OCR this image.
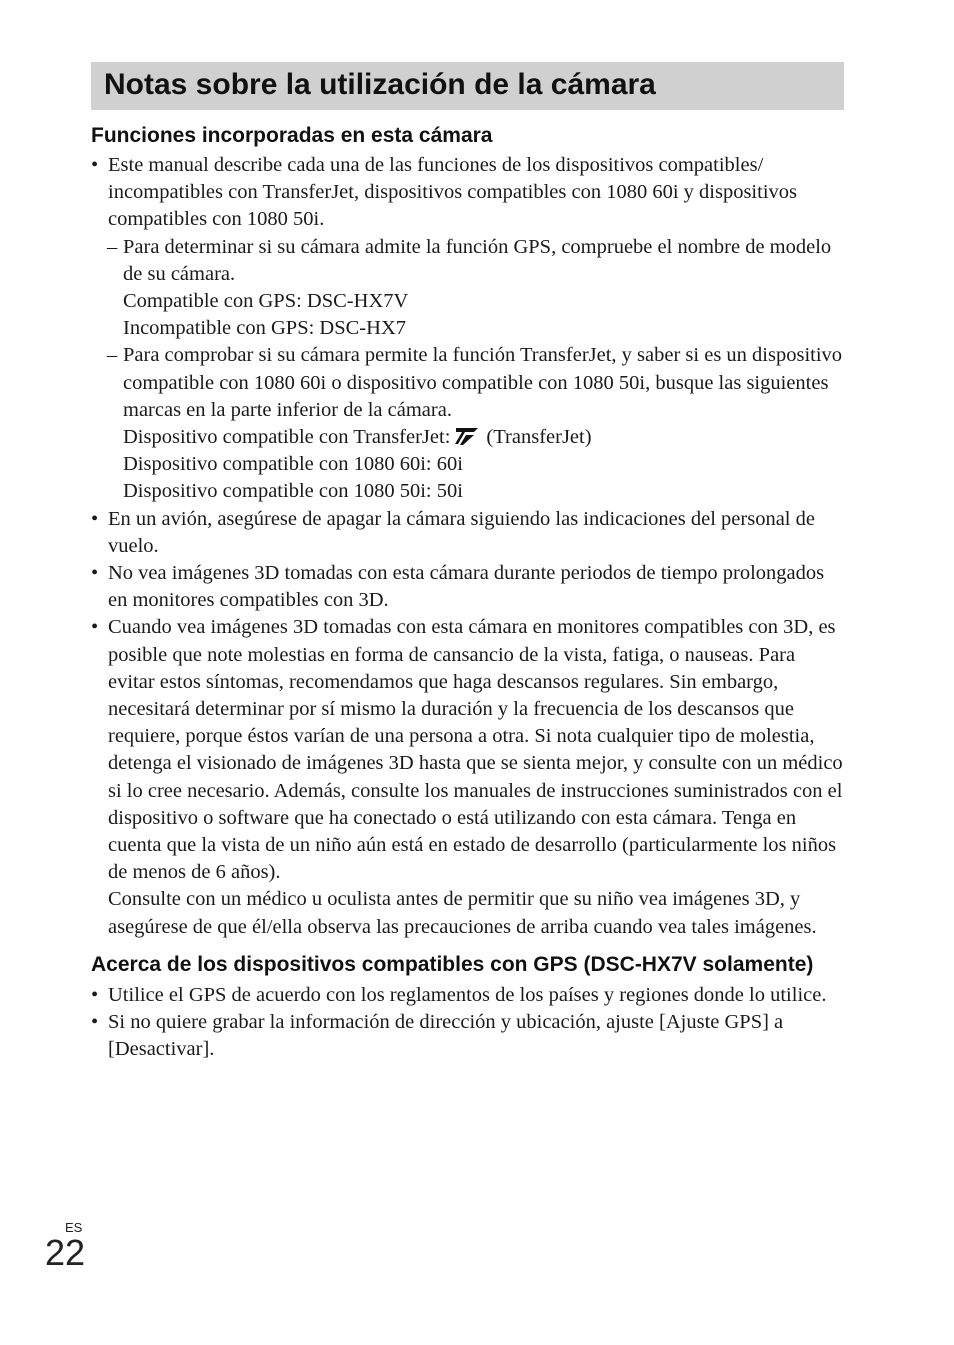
Notas sobre la utilización de la cámara
Funciones incorporadas en esta cámara

• Este manual describe cada una de las funciones de los dispositivos compatibles/ incompatibles con TransferJet, dispositivos compatibles con 1080 60i y dispositivos compatibles con 1080 50i.

– Para determinar si su cámara admite la función GPS, compruebe el nombre de modelo de su cámara.

Compatible con GPS: DSC-HX7V

Incompatible con GPS: DSC-HX7

– Para comprobar si su cámara permite la función TransferJet, y saber si es un dispositivo compatible con 1080 60i o dispositivo compatible con 1080 50i, busque las siguientes marcas en la parte inferior de la cámara.

Dispositivo compatible con TransferJet: (TransferJet)

Dispositivo compatible con 1080 60i: 60i

Dispositivo compatible con 1080 50i: 50i

• En un avión, asegúrese de apagar la cámara siguiendo las indicaciones del personal de vuelo.

• No vea imágenes 3D tomadas con esta cámara durante periodos de tiempo prolongados en monitores compatibles con 3D.

• Cuando vea imágenes 3D tomadas con esta cámara en monitores compatibles con 3D, es posible que note molestias en forma de cansancio de la vista, fatiga, o nauseas. Para evitar estos síntomas, recomendamos que haga descansos regulares. Sin embargo, necesitará determinar por sí mismo la duración y la frecuencia de los descansos que requiere, porque éstos varían de una persona a otra. Si nota cualquier tipo de molestia, detenga el visionado de imágenes 3D hasta que se sienta mejor, y consulte con un médico si lo cree necesario. Además, consulte los manuales de instrucciones suministrados con el dispositivo o software que ha conectado o está utilizando con esta cámara. Tenga en cuenta que la vista de un niño aún está en estado de desarrollo (particularmente los niños de menos de 6 años).

Consulte con un médico u oculista antes de permitir que su niño vea imágenes 3D, y asegúrese de que él/ella observa las precauciones de arriba cuando vea tales imágenes.

Acerca de los dispositivos compatibles con GPS (DSC-HX7V solamente)

• Utilice el GPS de acuerdo con los reglamentos de los países y regiones donde lo utilice.

• Si no quiere grabar la información de dirección y ubicación, ajuste [Ajuste GPS] a [Desactivar].

ES
22
